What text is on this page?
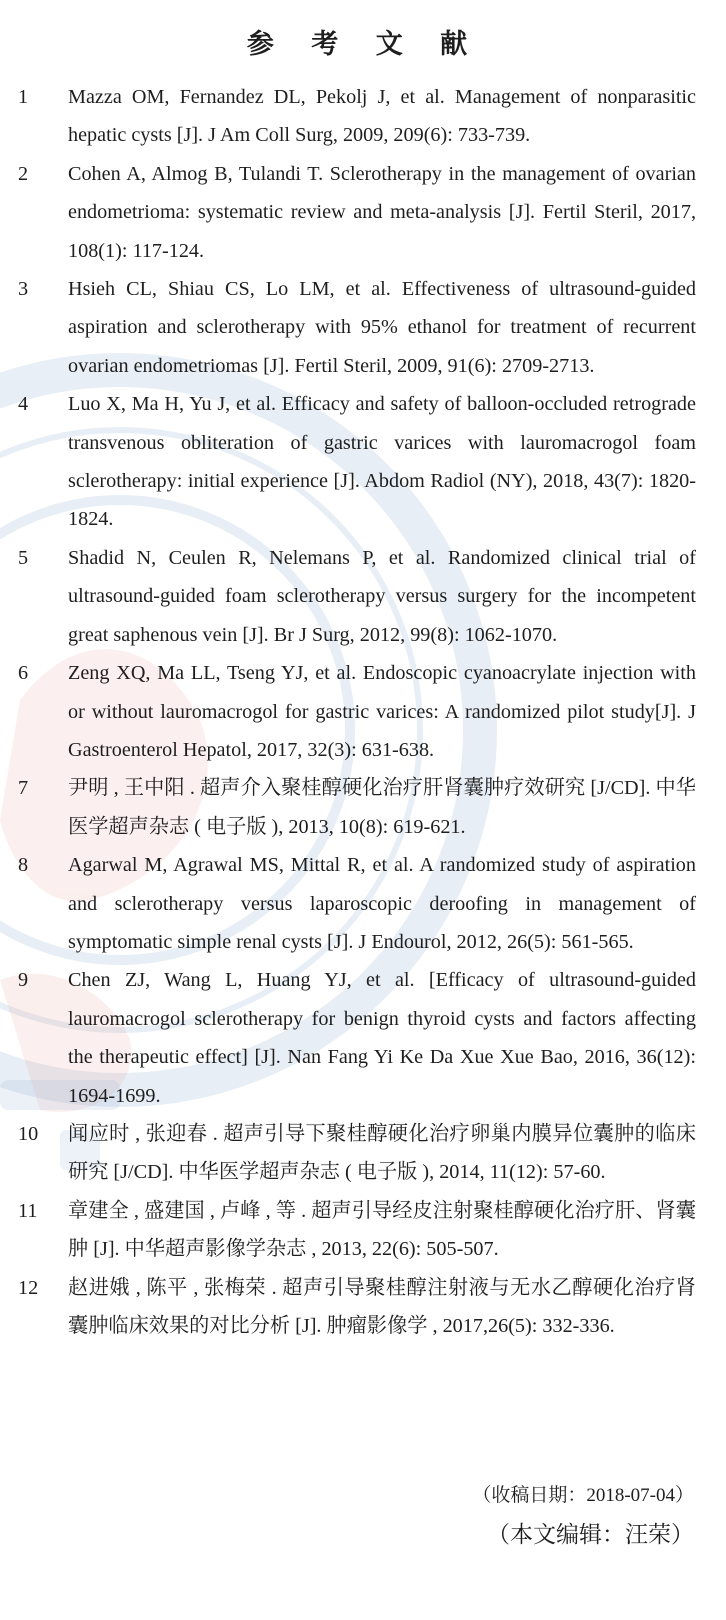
参 考 文 献
1	Mazza OM, Fernandez DL, Pekolj J, et al. Management of nonparasitic hepatic cysts [J]. J Am Coll Surg, 2009, 209(6): 733-739.
2	Cohen A, Almog B, Tulandi T. Sclerotherapy in the management of ovarian endometrioma: systematic review and meta-analysis [J]. Fertil Steril, 2017, 108(1): 117-124.
3	Hsieh CL, Shiau CS, Lo LM, et al. Effectiveness of ultrasound-guided aspiration and sclerotherapy with 95% ethanol for treatment of recurrent ovarian endometriomas [J]. Fertil Steril, 2009, 91(6): 2709-2713.
4	Luo X, Ma H, Yu J, et al. Efficacy and safety of balloon-occluded retrograde transvenous obliteration of gastric varices with lauromacrogol foam sclerotherapy: initial experience [J]. Abdom Radiol (NY), 2018, 43(7): 1820-1824.
5	Shadid N, Ceulen R, Nelemans P, et al. Randomized clinical trial of ultrasound-guided foam sclerotherapy versus surgery for the incompetent great saphenous vein [J]. Br J Surg, 2012, 99(8): 1062-1070.
6	Zeng XQ, Ma LL, Tseng YJ, et al. Endoscopic cyanoacrylate injection with or without lauromacrogol for gastric varices: A randomized pilot study[J]. J Gastroenterol Hepatol, 2017, 32(3): 631-638.
7	尹明 , 王中阳 . 超声介入聚桂醇硬化治疗肝肾囊肿疗效研究 [J/CD]. 中华医学超声杂志 ( 电子版 ), 2013, 10(8): 619-621.
8	Agarwal M, Agrawal MS, Mittal R, et al. A randomized study of aspiration and sclerotherapy versus laparoscopic deroofing in management of symptomatic simple renal cysts [J]. J Endourol, 2012, 26(5): 561-565.
9	Chen ZJ, Wang L, Huang YJ, et al. [Efficacy of ultrasound-guided lauromacrogol sclerotherapy for benign thyroid cysts and factors affecting the therapeutic effect] [J]. Nan Fang Yi Ke Da Xue Xue Bao, 2016, 36(12): 1694-1699.
10	闻应时 , 张迎春 . 超声引导下聚桂醇硬化治疗卵巢内膜异位囊肿的临床研究 [J/CD]. 中华医学超声杂志 ( 电子版 ), 2014, 11(12): 57-60.
11	章建全 , 盛建国 , 卢峰 , 等 . 超声引导经皮注射聚桂醇硬化治疗肝、肾囊肿 [J]. 中华超声影像学杂志 , 2013, 22(6): 505-507.
12	赵进娥 , 陈平 , 张梅荣 . 超声引导聚桂醇注射液与无水乙醇硬化治疗肾囊肿临床效果的对比分析 [J]. 肿瘤影像学 , 2017,26(5): 332-336.
（收稿日期：2018-07-04）
（本文编辑：汪荣）
